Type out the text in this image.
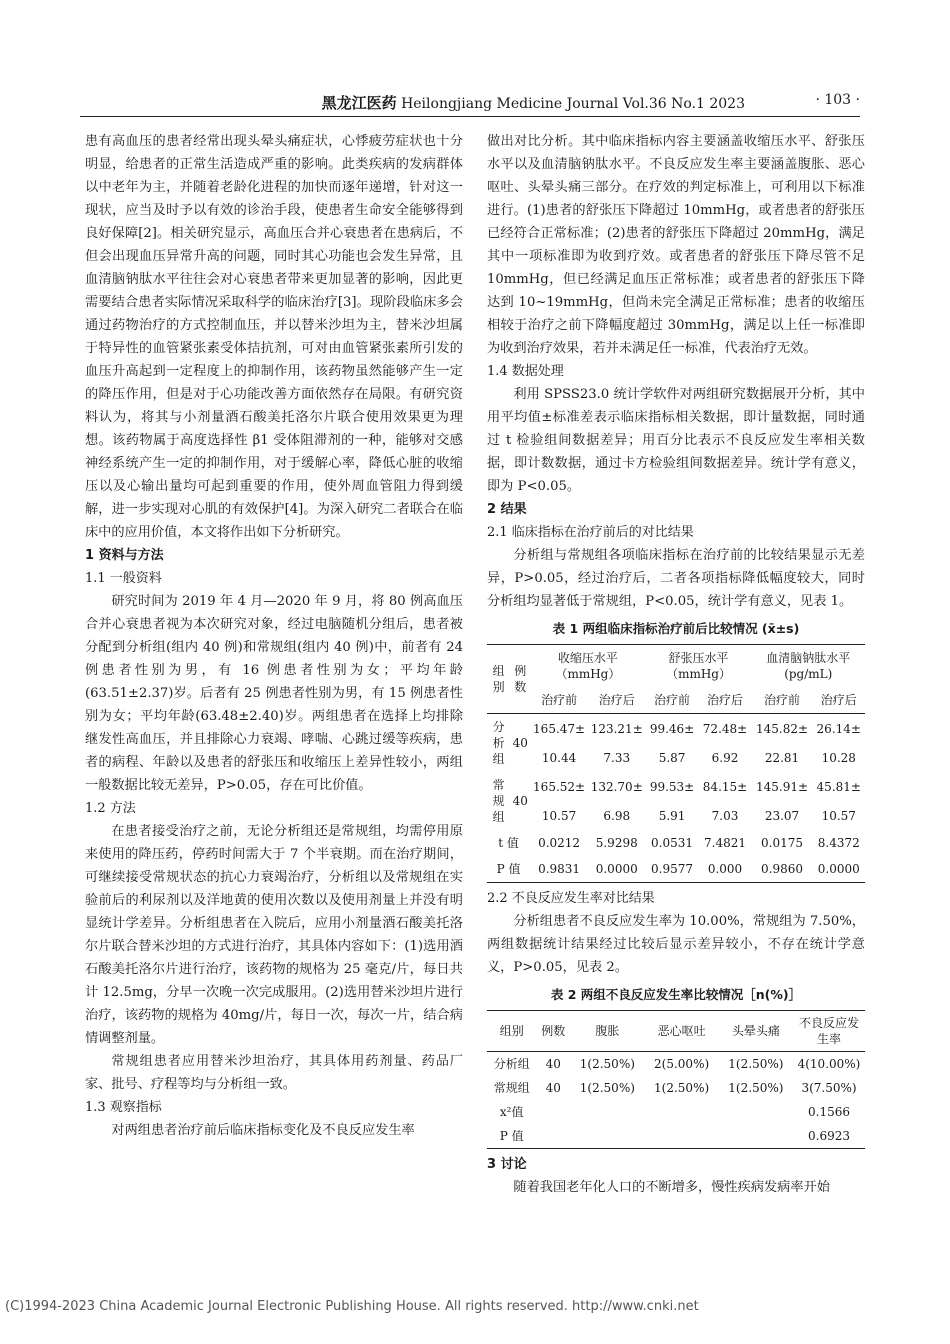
黑龙江医药 Heilongjiang Medicine Journal Vol.36 No.1 2023	· 103 ·

患有高血压的患者经常出现头晕头痛症状，心悸疲劳症状也十分明显，给患者的正常生活造成严重的影响。此类疾病的发病群体以中老年为主，并随着老龄化进程的加快而逐年递增，针对这一现状，应当及时予以有效的诊治手段，使患者生命安全能够得到良好保障[2]。相关研究显示，高血压合并心衰患者在患病后，不但会出现血压异常升高的问题，同时其心功能也会发生异常，且血清脑钠肽水平往往会对心衰患者带来更加显著的影响，因此更需要结合患者实际情况采取科学的临床治疗[3]。现阶段临床多会通过药物治疗的方式控制血压，并以替米沙坦为主，替米沙坦属于特异性的血管紧张素受体拮抗剂，可对由血管紧张素所引发的血压升高起到一定程度上的抑制作用，该药物虽然能够产生一定的降压作用，但是对于心功能改善方面依然存在局限。有研究资料认为，将其与小剂量酒石酸美托洛尔片联合使用效果更为理想。该药物属于高度选择性 β1 受体阻滞剂的一种，能够对交感神经系统产生一定的抑制作用，对于缓解心率，降低心脏的收缩压以及心输出量均可起到重要的作用，使外周血管阻力得到缓解，进一步实现对心肌的有效保护[4]。为深入研究二者联合在临床中的应用价值，本文将作出如下分析研究。

1 资料与方法

1.1 一般资料

研究时间为 2019 年 4 月—2020 年 9 月，将 80 例高血压合并心衰患者视为本次研究对象，经过电脑随机分组后，患者被分配到分析组(组内 40 例)和常规组(组内 40 例)中，前者有 24 例患者性别为男，有 16 例患者性别为女；平均年龄(63.51±2.37)岁。后者有 25 例患者性别为男，有 15 例患者性别为女；平均年龄(63.48±2.40)岁。两组患者在选择上均排除继发性高血压，并且排除心力衰竭、哮喘、心跳过缓等疾病，患者的病程、年龄以及患者的舒张压和收缩压上差异性较小，两组一般数据比较无差异，P>0.05，存在可比价值。

1.2 方法

在患者接受治疗之前，无论分析组还是常规组，均需停用原来使用的降压药，停药时间需大于 7 个半衰期。而在治疗期间，可继续接受常规状态的抗心力衰竭治疗，分析组以及常规组在实验前后的利尿剂以及洋地黄的使用次数以及使用剂量上并没有明显统计学差异。分析组患者在入院后，应用小剂量酒石酸美托洛尔片联合替米沙坦的方式进行治疗，其具体内容如下：(1)选用酒石酸美托洛尔片进行治疗，该药物的规格为 25 毫克/片，每日共计 12.5mg，分早一次晚一次完成服用。(2)选用替米沙坦片进行治疗，该药物的规格为 40mg/片，每日一次，每次一片，结合病情调整剂量。

常规组患者应用替米沙坦治疗，其具体用药剂量、药品厂家、批号、疗程等均与分析组一致。

1.3 观察指标

对两组患者治疗前后临床指标变化及不良反应发生率

做出对比分析。其中临床指标内容主要涵盖收缩压水平、舒张压水平以及血清脑钠肽水平。不良反应发生率主要涵盖腹胀、恶心呕吐、头晕头痛三部分。在疗效的判定标准上，可利用以下标准进行。(1)患者的舒张压下降超过 10mmHg，或者患者的舒张压已经符合正常标准；(2)患者的舒张压下降超过 20mmHg，满足其中一项标准即为收到疗效。或者患者的舒张压下降尽管不足 10mmHg，但已经满足血压正常标准；或者患者的舒张压下降达到 10~19mmHg，但尚未完全满足正常标准；患者的收缩压相较于治疗之前下降幅度超过 30mmHg，满足以上任一标准即为收到治疗效果，若并未满足任一标准，代表治疗无效。

1.4 数据处理

利用 SPSS23.0 统计学软件对两组研究数据展开分析，其中用平均值±标准差表示临床指标相关数据，即计量数据，同时通过 t 检验组间数据差异；用百分比表示不良反应发生率相关数据，即计数数据，通过卡方检验组间数据差异。统计学有意义，即为 P<0.05。

2 结果

2.1 临床指标在治疗前后的对比结果

分析组与常规组各项临床指标在治疗前的比较结果显示无差异，P>0.05，经过治疗后，二者各项指标降低幅度较大，同时分析组均显著低于常规组，P<0.05，统计学有意义，见表 1。

表 1 两组临床指标治疗前后比较情况 (x̄±s)
组别	例数	收缩压水平（mmHg）		舒张压水平（mmHg）		血清脑钠肽水平(pg/mL)	
		治疗前	治疗后	治疗前	治疗后	治疗前	治疗后
分析组	40	165.47±	123.21±	99.46±	72.48±	145.82±	26.14±
		10.44	7.33	5.87	6.92	22.81	10.28
常规组	40	165.52±	132.70±	99.53±	84.15±	145.91±	45.81±
		10.57	6.98	5.91	7.03	23.07	10.57
t 值		0.0212	5.9298	0.0531	7.4821	0.0175	8.4372
P 值		0.9831	0.0000	0.9577	0.000	0.9860	0.0000

2.2 不良反应发生率对比结果

分析组患者不良反应发生率为 10.00%，常规组为 7.50%，两组数据统计结果经过比较后显示差异较小，不存在统计学意义，P>0.05，见表 2。

表 2 两组不良反应发生率比较情况［n(%)］
组别	例数	腹胀	恶心呕吐	头晕头痛	不良反应发生率
分析组	40	1(2.50%)	2(5.00%)	1(2.50%)	4(10.00%)
常规组	40	1(2.50%)	1(2.50%)	1(2.50%)	3(7.50%)
x²值					0.1566
P 值					0.6923

3 讨论

随着我国老年化人口的不断增多，慢性疾病发病率开始

(C)1994-2023 China Academic Journal Electronic Publishing House. All rights reserved. http://www.cnki.net
